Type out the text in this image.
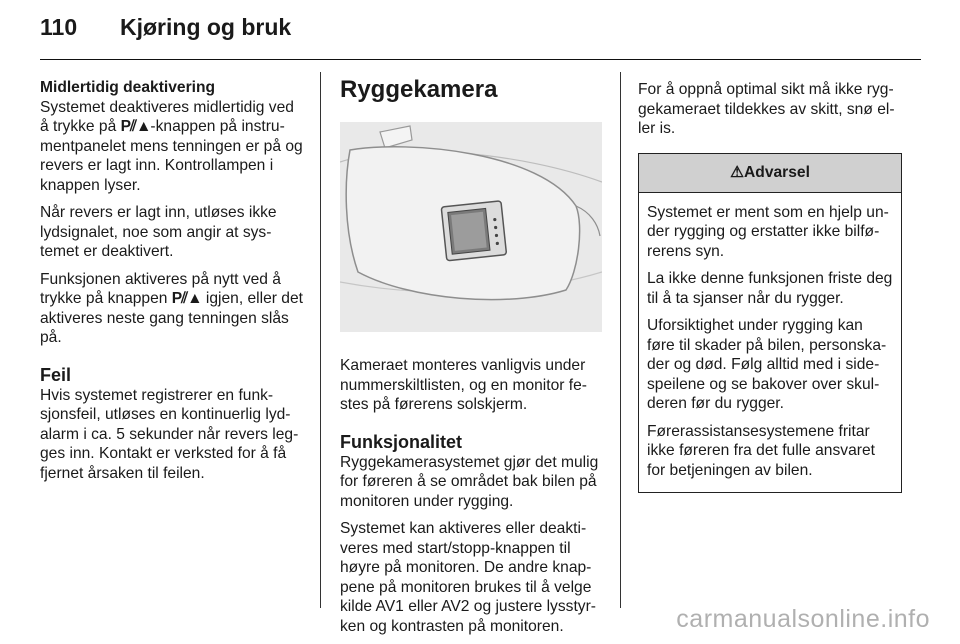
110	Kjøring og bruk
Midlertidig deaktivering

Systemet deaktiveres midlertidig ved å trykke på P⫽▲-knappen på instru-mentpanelet mens tenningen er på og revers er lagt inn. Kontrollampen i knappen lyser.

Når revers er lagt inn, utløses ikke lydsignalet, noe som angir at sys-temet er deaktivert.

Funksjonen aktiveres på nytt ved å trykke på knappen P⫽▲ igjen, eller det aktiveres neste gang tenningen slås på.

Feil

Hvis systemet registrerer en funk-sjonsfeil, utløses en kontinuerlig lyd-alarm i ca. 5 sekunder når revers leg-ges inn. Kontakt er verksted for å få fjernet årsaken til feilen.

Ryggekamera

Kameraet monteres vanligvis under nummerskiltlisten, og en monitor fe-stes på førerens solskjerm.

Funksjonalitet

Ryggekamerasystemet gjør det mulig for føreren å se området bak bilen på monitoren under rygging.

Systemet kan aktiveres eller deakti-veres med start/stopp-knappen til høyre på monitoren. De andre knap-pene på monitoren brukes til å velge kilde AV1 eller AV2 og justere lysstyr-ken og kontrasten på monitoren.

For å oppnå optimal sikt må ikke ryg-gekameraet tildekkes av skitt, snø el-ler is.

⚠ Advarsel

Systemet er ment som en hjelp un-der rygging og erstatter ikke bilfø-rerens syn.

La ikke denne funksjonen friste deg til å ta sjanser når du rygger.

Uforsiktighet under rygging kan føre til skader på bilen, personska-der og død. Følg alltid med i side-speilene og se bakover over skul-deren før du rygger.

Førerassistansesystemene fritar ikke føreren fra det fulle ansvaret for betjeningen av bilen.

carmanualsonline.info
